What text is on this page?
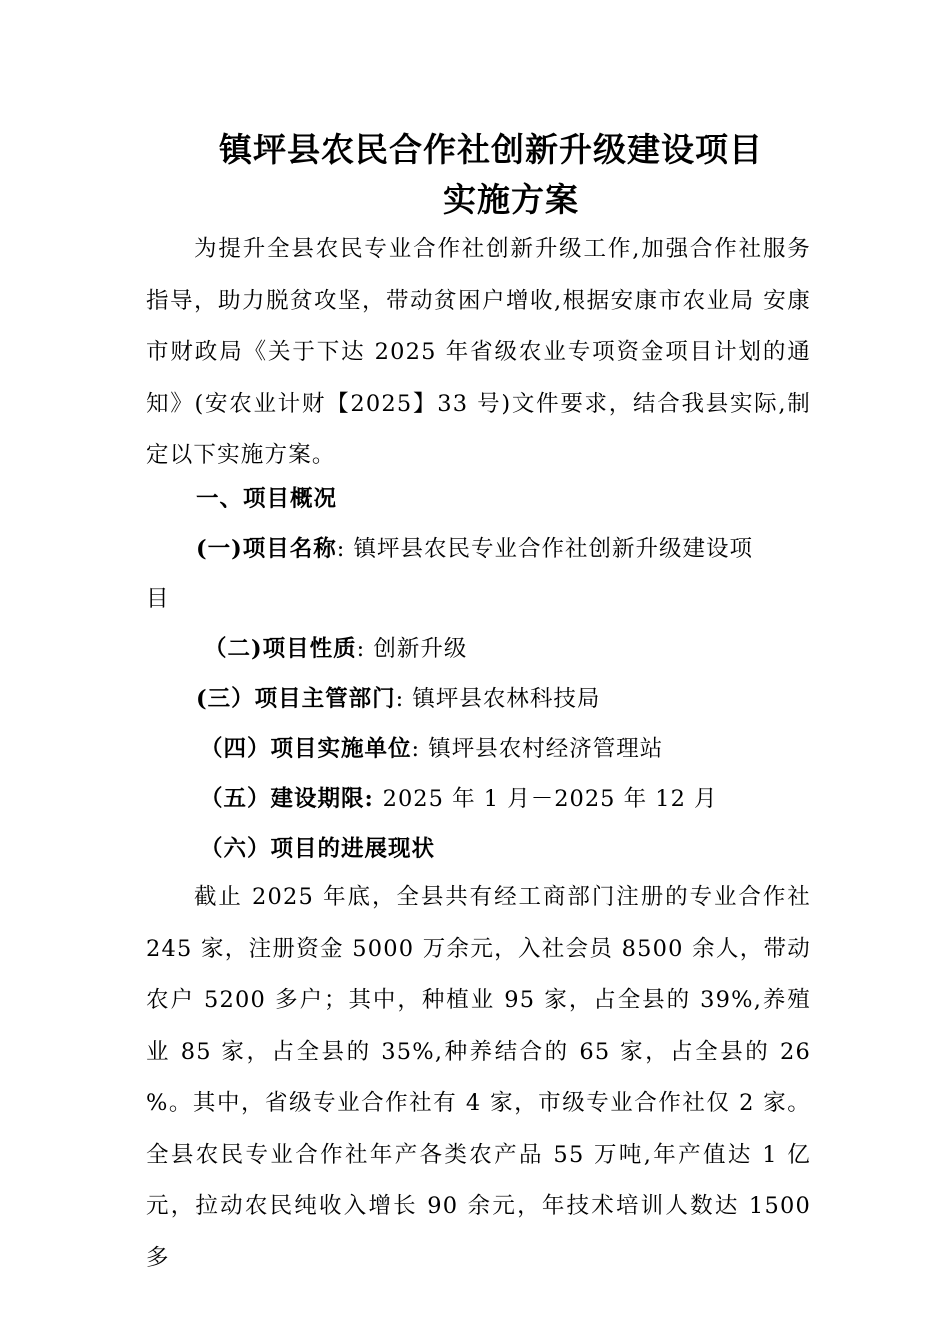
镇坪县农民合作社创新升级建设项目
实施方案

为提升全县农民专业合作社创新升级工作,加强合作社服务指导，助力脱贫攻坚，带动贫困户增收,根据安康市农业局 安康市财政局《关于下达 2025 年省级农业专项资金项目计划的通知》(安农业计财【2025】33 号)文件要求，结合我县实际,制定以下实施方案。

一、项目概况
(一)项目名称: 镇坪县农民专业合作社创新升级建设项
目
（二)项目性质: 创新升级
(三）项目主管部门: 镇坪县农林科技局
（四）项目实施单位: 镇坪县农村经济管理站
（五）建设期限: 2025 年 1 月－2025 年 12 月
（六）项目的进展现状

截止 2025 年底，全县共有经工商部门注册的专业合作社 245 家，注册资金 5000 万余元，入社会员 8500 余人，带动农户 5200 多户；其中，种植业 95 家，占全县的 39%,养殖业 85 家，占全县的 35%,种养结合的 65 家，占全县的 26 %。其中，省级专业合作社有 4 家，市级专业合作社仅 2 家。全县农民专业合作社年产各类农产品 55 万吨,年产值达 1 亿元，拉动农民纯收入增长 90 余元，年技术培训人数达 1500 多
